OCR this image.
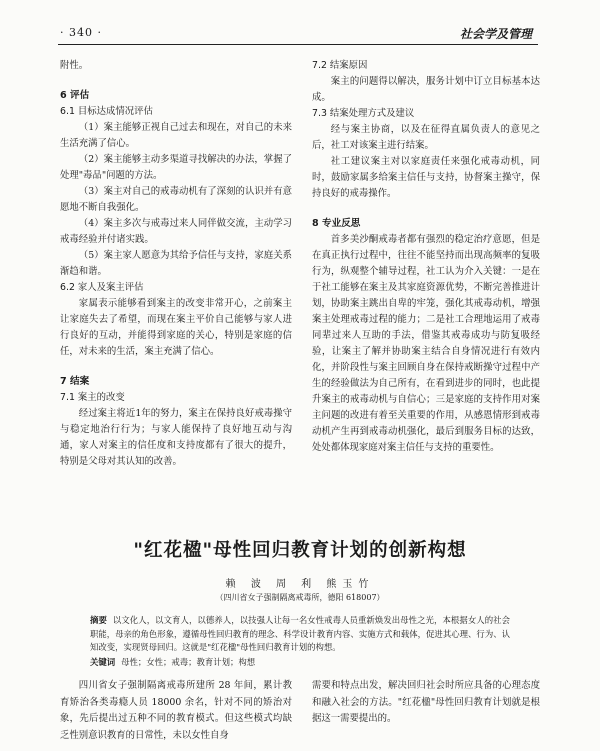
· 340 ·	社会学及管理

附性。

6 评估

6.1 目标达成情况评估

（1）案主能够正视自己过去和现在，对自己的未来生活充满了信心。

（2）案主能够主动多渠道寻找解决的办法，掌握了处理"毒品"问题的方法。

（3）案主对自己的戒毒动机有了深刻的认识并有意愿地不断自我强化。

（4）案主多次与戒毒过来人同伴做交流，主动学习戒毒经验并付诸实践。

（5）案主家人愿意为其给予信任与支持，家庭关系渐趋和谐。

6.2 家人及案主评估

家属表示能够看到案主的改变非常开心，之前案主让家庭失去了希望，而现在案主平价自己能够与家人进行良好的互动，并能得到家庭的关心，特别是家庭的信任，对未来的生活，案主充满了信心。

7 结案

7.1 案主的改变

经过案主将近1年的努力，案主在保持良好戒毒操守与稳定地治行行为；与家人能保持了良好地互动与沟通，家人对案主的信任度和支持度都有了很大的提升，特别是父母对其认知的改善。

7.2 结案原因

案主的问题得以解决，服务计划中订立目标基本达成。

7.3 结案处理方式及建议

经与案主协商，以及在征得直属负责人的意见之后，社工对该案主进行结案。

社工建议案主对以家庭责任来强化戒毒动机，同时，鼓励家属多给案主信任与支持，协督案主操守，保持良好的戒毒操作。

8 专业反思

首多美沙酮戒毒者都有强烈的稳定治疗意愿，但是在真正执行过程中，往往不能坚持而出现高频率的复吸行为，纵观整个辅导过程，社工认为介入关键：一是在于社工能够在案主及其家庭资源优势，不断完善推进计划，协助案主跳出自卑的牢笼，强化其戒毒动机，增强案主处理戒毒过程的能力；二是社工合理地运用了戒毒同辈过来人互助的手法，借鉴其戒毒成功与防复吸经验，让案主了解并协助案主结合自身情况进行有效内化，并阶段性与案主回顾自身在保持戒断操守过程中产生的经验做法为自己所有，在看到进步的同时，也此提升案主的戒毒动机与自信心；三是家庭的支持作用对案主问题的改进有着至关重要的作用，从感恩情形到戒毒动机产生再到戒毒动机强化，最后到服务目标的达致，处处都体现家庭对案主信任与支持的重要性。

"红花楹"母性回归教育计划的创新构想
赖 波 周 利 熊玉竹
（四川省女子强制隔离戒毒所，德阳 618007）
摘要 以文化人，以文育人，以德养人，以技强人让每一名女性戒毒人员重新焕发出母性之光，本根据女人的社会职能，母亲的角色形象，遵循母性回归教育的理念、科学设计教育内容、实施方式和载体，促进其心理、行为、认知改变，实现贤母回归。这就是"红花楹"母性回归教育计划的构想。
关键词 母性；女性；戒毒；教育计划；构想
四川省女子强制隔离戒毒所建所 28 年间，累计教育矫治各类毒瘾人员 18000 余名，针对不同的矫治对象，先后提出过五种不同的教育模式。但这些模式均缺乏性别意识教育的日常性，未以女性自身
需要和特点出发，解决回归社会时所应具备的心理态度和融入社会的方法。"红花楹"母性回归教育计划就是根据这一需要提出的。
